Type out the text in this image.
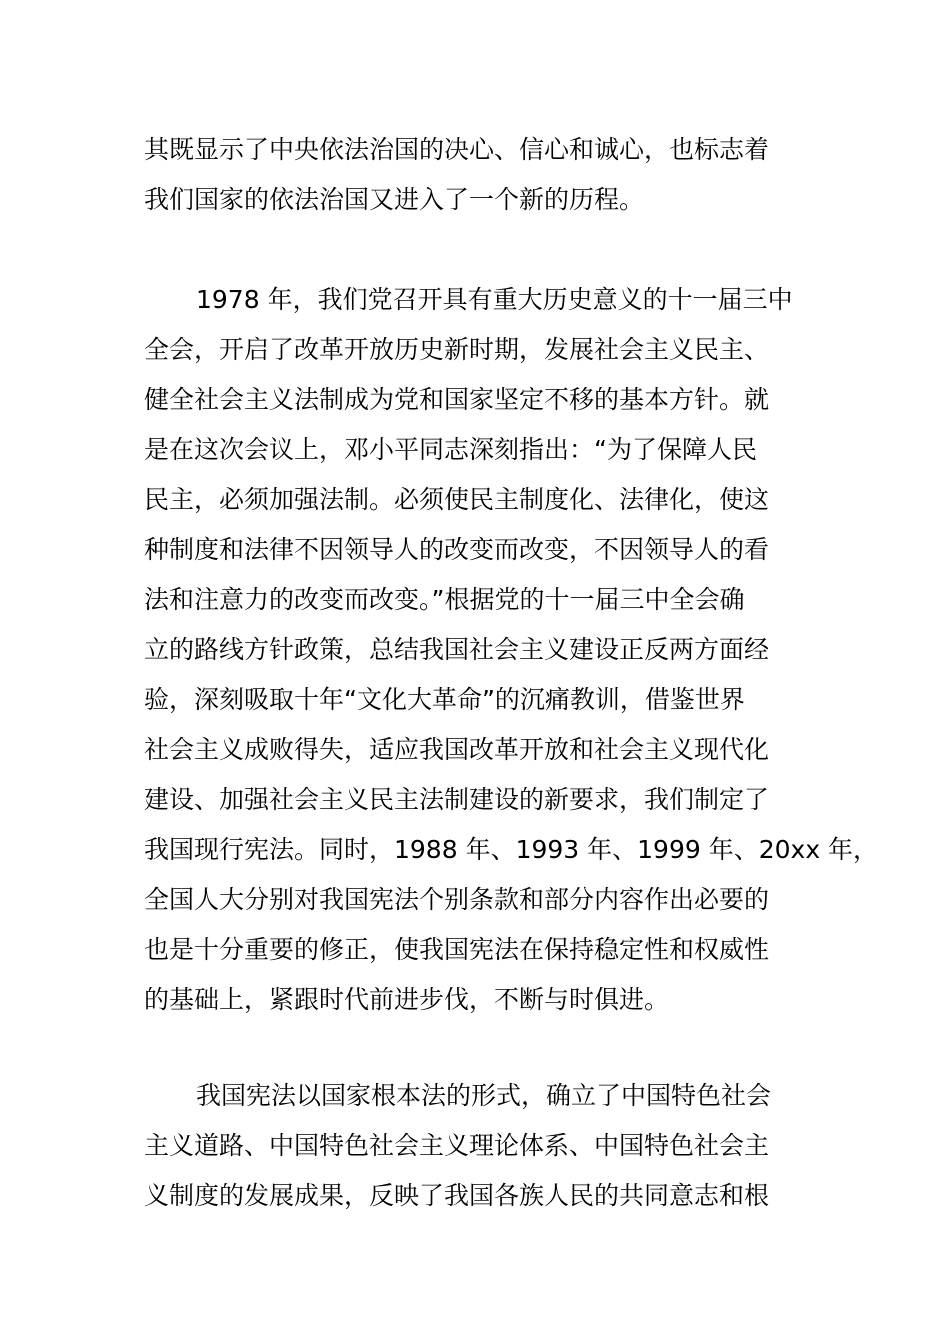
其既显示了中央依法治国的决心、信心和诚心，也标志着
我们国家的依法治国又进入了一个新的历程。
1978 年，我们党召开具有重大历史意义的十一届三中
全会，开启了改革开放历史新时期，发展社会主义民主、
健全社会主义法制成为党和国家坚定不移的基本方针。就
是在这次会议上，邓小平同志深刻指出：“为了保障人民
民主，必须加强法制。必须使民主制度化、法律化，使这
种制度和法律不因领导人的改变而改变，不因领导人的看
法和注意力的改变而改变。”根据党的十一届三中全会确
立的路线方针政策，总结我国社会主义建设正反两方面经
验，深刻吸取十年“文化大革命”的沉痛教训，借鉴世界
社会主义成败得失，适应我国改革开放和社会主义现代化
建设、加强社会主义民主法制建设的新要求，我们制定了
我国现行宪法。同时，1988 年、1993 年、1999 年、20xx 年，
全国人大分别对我国宪法个别条款和部分内容作出必要的
也是十分重要的修正，使我国宪法在保持稳定性和权威性
的基础上，紧跟时代前进步伐，不断与时俱进。
我国宪法以国家根本法的形式，确立了中国特色社会
主义道路、中国特色社会主义理论体系、中国特色社会主
义制度的发展成果，反映了我国各族人民的共同意志和根
